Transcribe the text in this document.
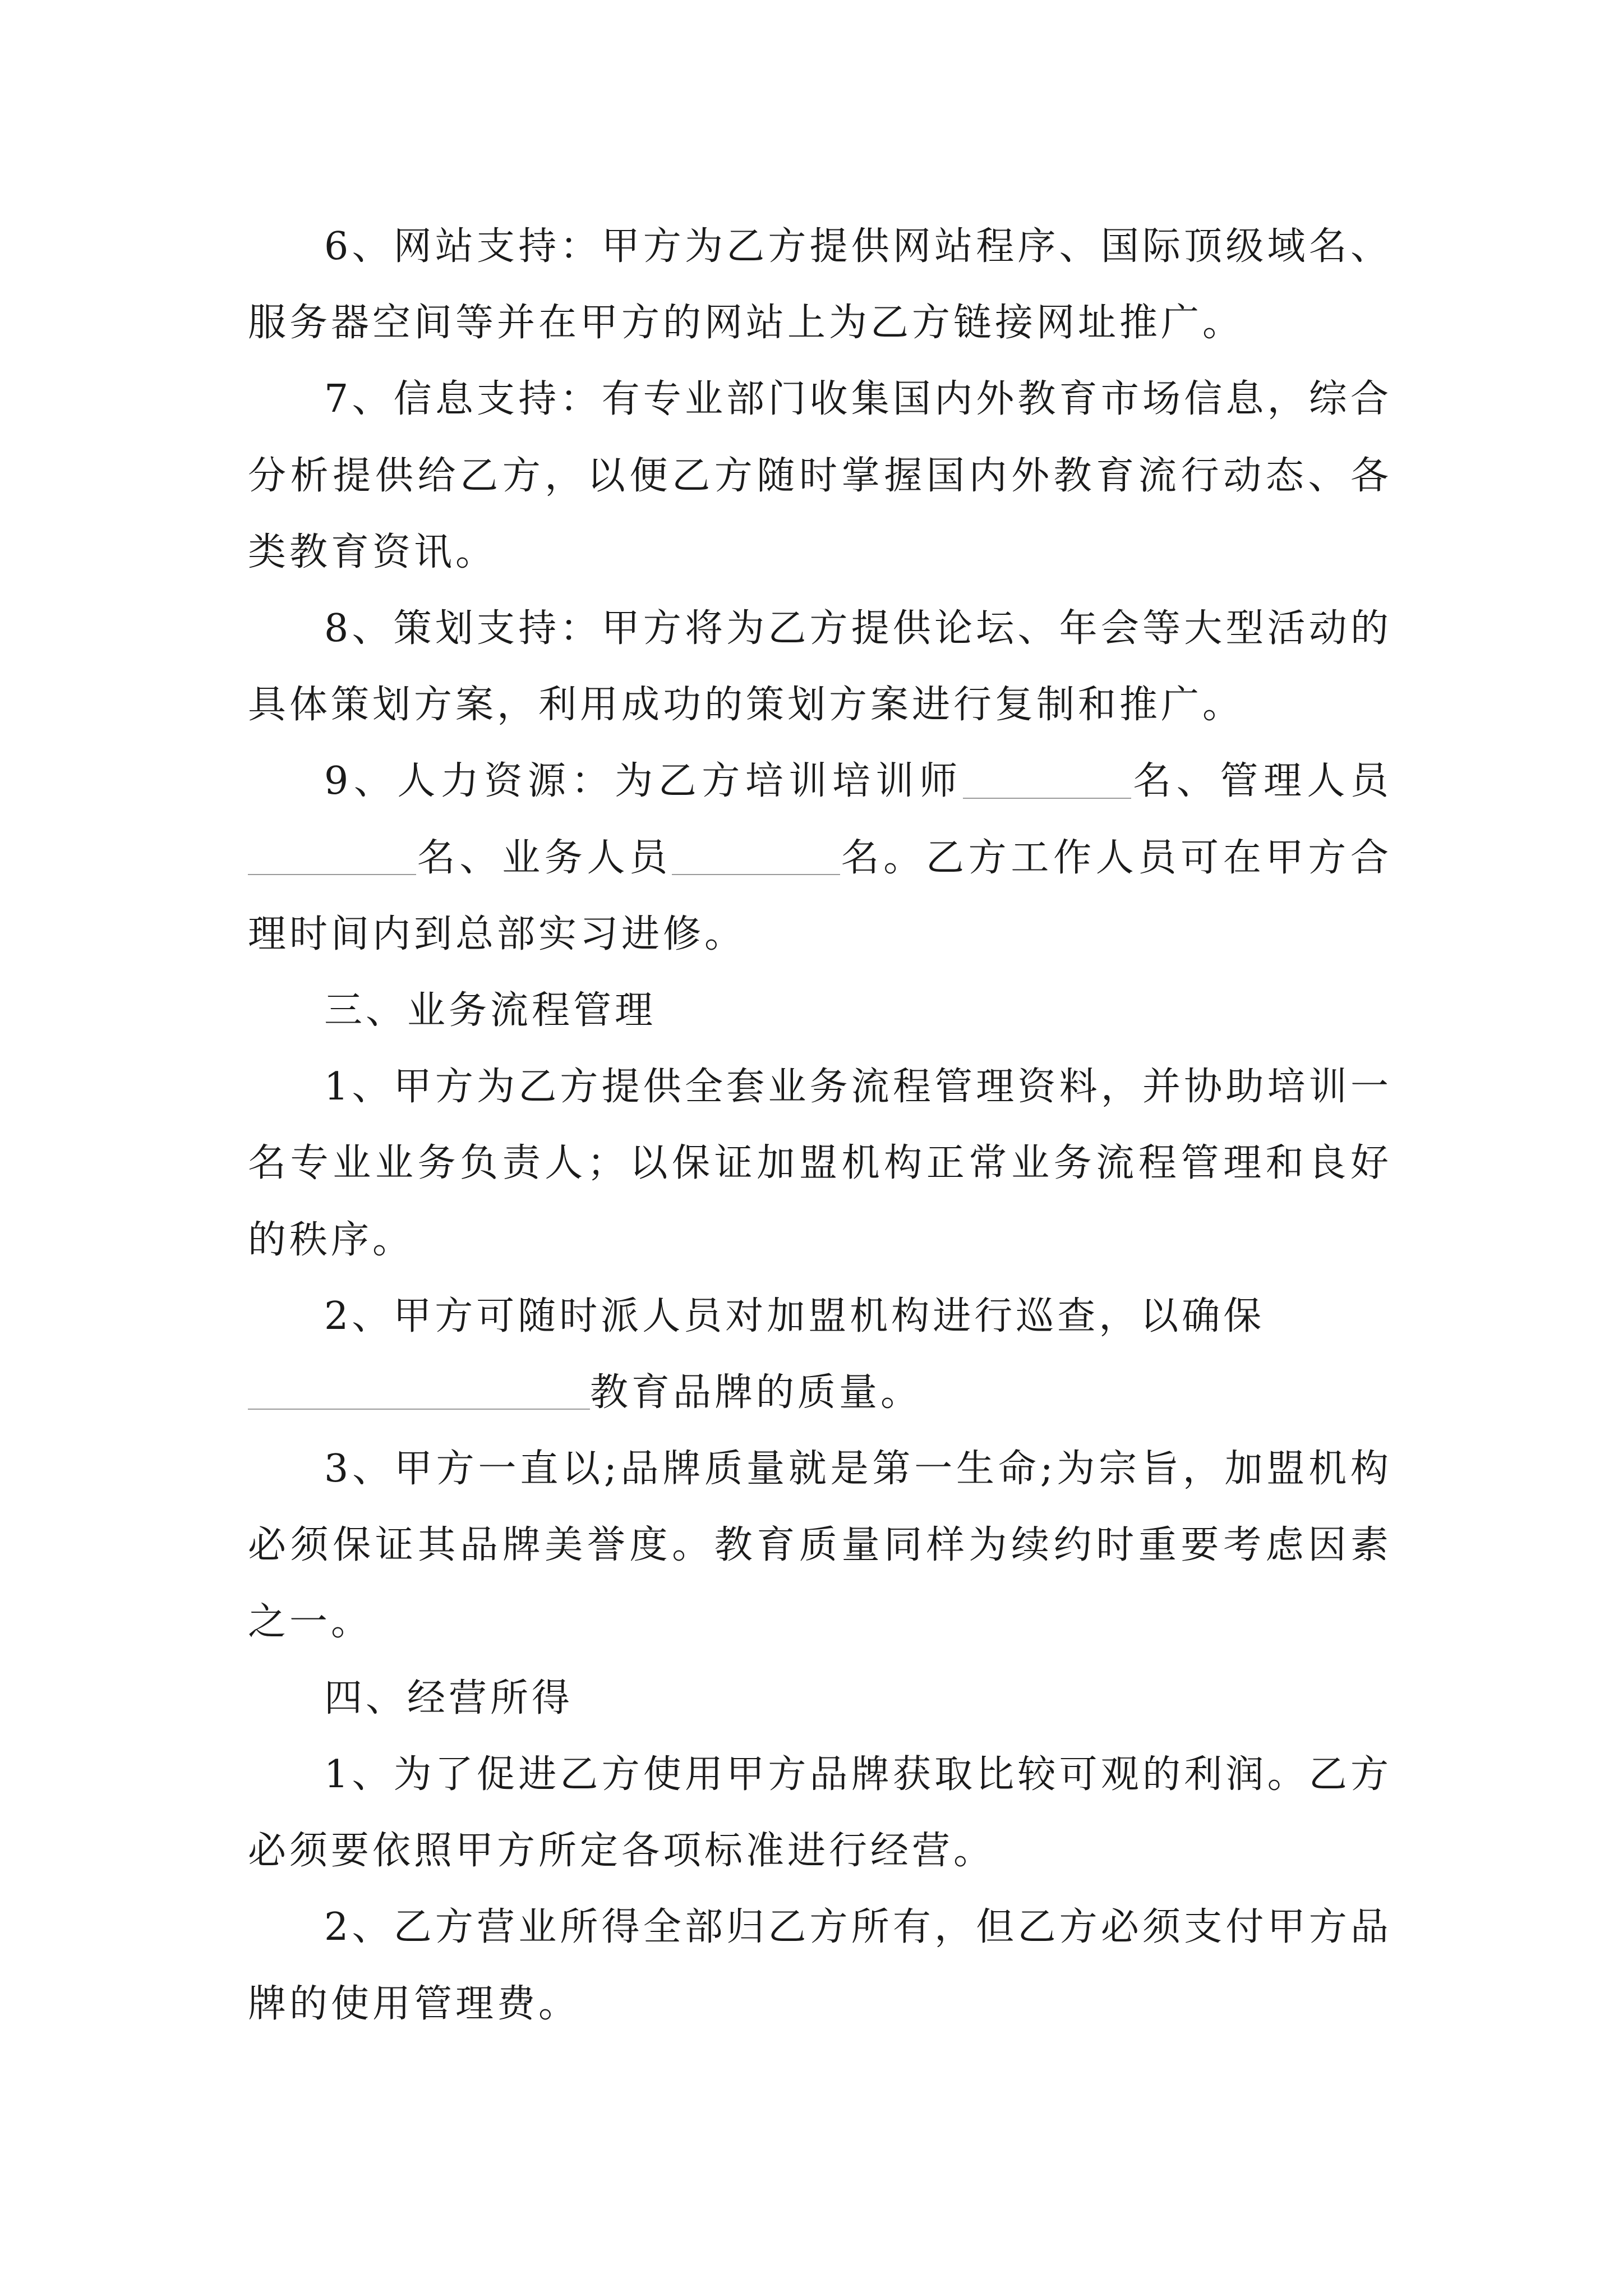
6、网站支持：甲方为乙方提供网站程序、国际顶级域名、服务器空间等并在甲方的网站上为乙方链接网址推广。

7、信息支持：有专业部门收集国内外教育市场信息，综合分析提供给乙方，以便乙方随时掌握国内外教育流行动态、各类教育资讯。

8、策划支持：甲方将为乙方提供论坛、年会等大型活动的具体策划方案，利用成功的策划方案进行复制和推广。

9、人力资源：为乙方培训培训师	名、管理人员名、业务人员	名。乙方工作人员可在甲方合理时间内到总部实习进修。

三、业务流程管理

1、甲方为乙方提供全套业务流程管理资料，并协助培训一名专业业务负责人；以保证加盟机构正常业务流程管理和良好的秩序。

2、甲方可随时派人员对加盟机构进行巡查，以确保
教育品牌的质量。

3、甲方一直以;品牌质量就是第一生命;为宗旨，加盟机构必须保证其品牌美誉度。教育质量同样为续约时重要考虑因素之一。

四、经营所得

1、为了促进乙方使用甲方品牌获取比较可观的利润。乙方必须要依照甲方所定各项标准进行经营。

2、乙方营业所得全部归乙方所有，但乙方必须支付甲方品牌的使用管理费。
